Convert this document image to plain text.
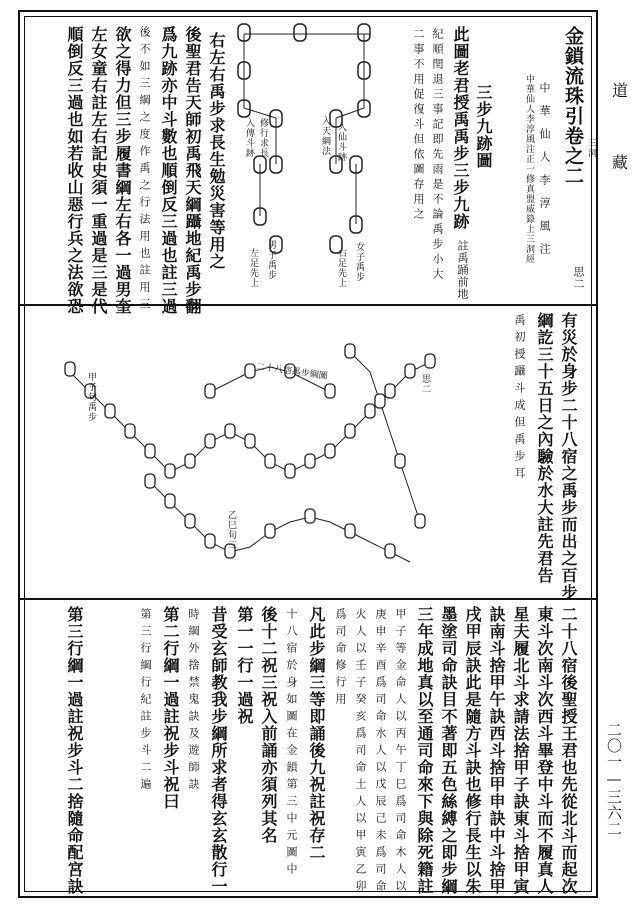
道
藏
二〇一—三六二
金鎖流珠引卷之二 三洞
中華仙人李淳風注
中華仙人李淳風注正一修真盟威籙上三洞經
思二
三步九跡圖
此圖老君授禹禹步三步九跡
註禹踊前地
紀順閏退三事記即先雨是不論禹步小大
二事不用促復斗但依圖存用之
修行求長
入傳斗跡	入天綱法 入仙斗跡
男子禹步	女子禹步
左足先上	右足先上
右左右禹步求長生勉災害等用之
後聖君告天師初禹飛天綱躡地紀禹步翻
爲九跡亦中斗數也順倒反三過也註三過
後不如三綱之度作禹之行法用也註用三
欲之得力但三步履書綱左右各一過男奎
左女童右註左右記史須一重過是三是代
順倒反三過也如若收山惡行兵之法欲恐
有災於身步二十八宿之禹步而出之百步
綱訖三十五日之內驗於水大註先君告
禹初授躡斗成但禹步耳
思二
甲子旬禹步
二十八宿禹步綱圖
乙巳旬三
二十八宿後聖授王君也先從北斗而起次
東斗次南斗次西斗畢登中斗而不履真人
星夫履北斗求請法捨甲子訣東斗捨甲寅
訣南斗捨甲午訣西斗捨甲申訣中斗捨甲
戌甲辰訣此是隨方斗訣也修行長生以朱
墨塗司命訣目不著即五色絲縛之即步綱
三年成地真以至通司命來下與除死籍註
甲子等金命人以丙午丁巳爲司命木人以
庚申辛酉爲司命水人以戊辰己未爲司命
火人以壬子癸亥爲司命土人以甲寅乙卯
爲司命修行用
凡此步綱三等即誦後九祝註祝存二
十八宿於身如圖在金鎖第三中元圖中
後十二祝三祝入前誦亦須列其名
第一一行一過祝
昔受玄師教我步綱所求者得玄玄散行一
時綱外捨禁鬼訣及遊師訣
第二行綱一過註祝步斗祝曰
第三行綱行紀註步斗二遍
第三行綱一過註祝步斗二捨隨命配宮訣
